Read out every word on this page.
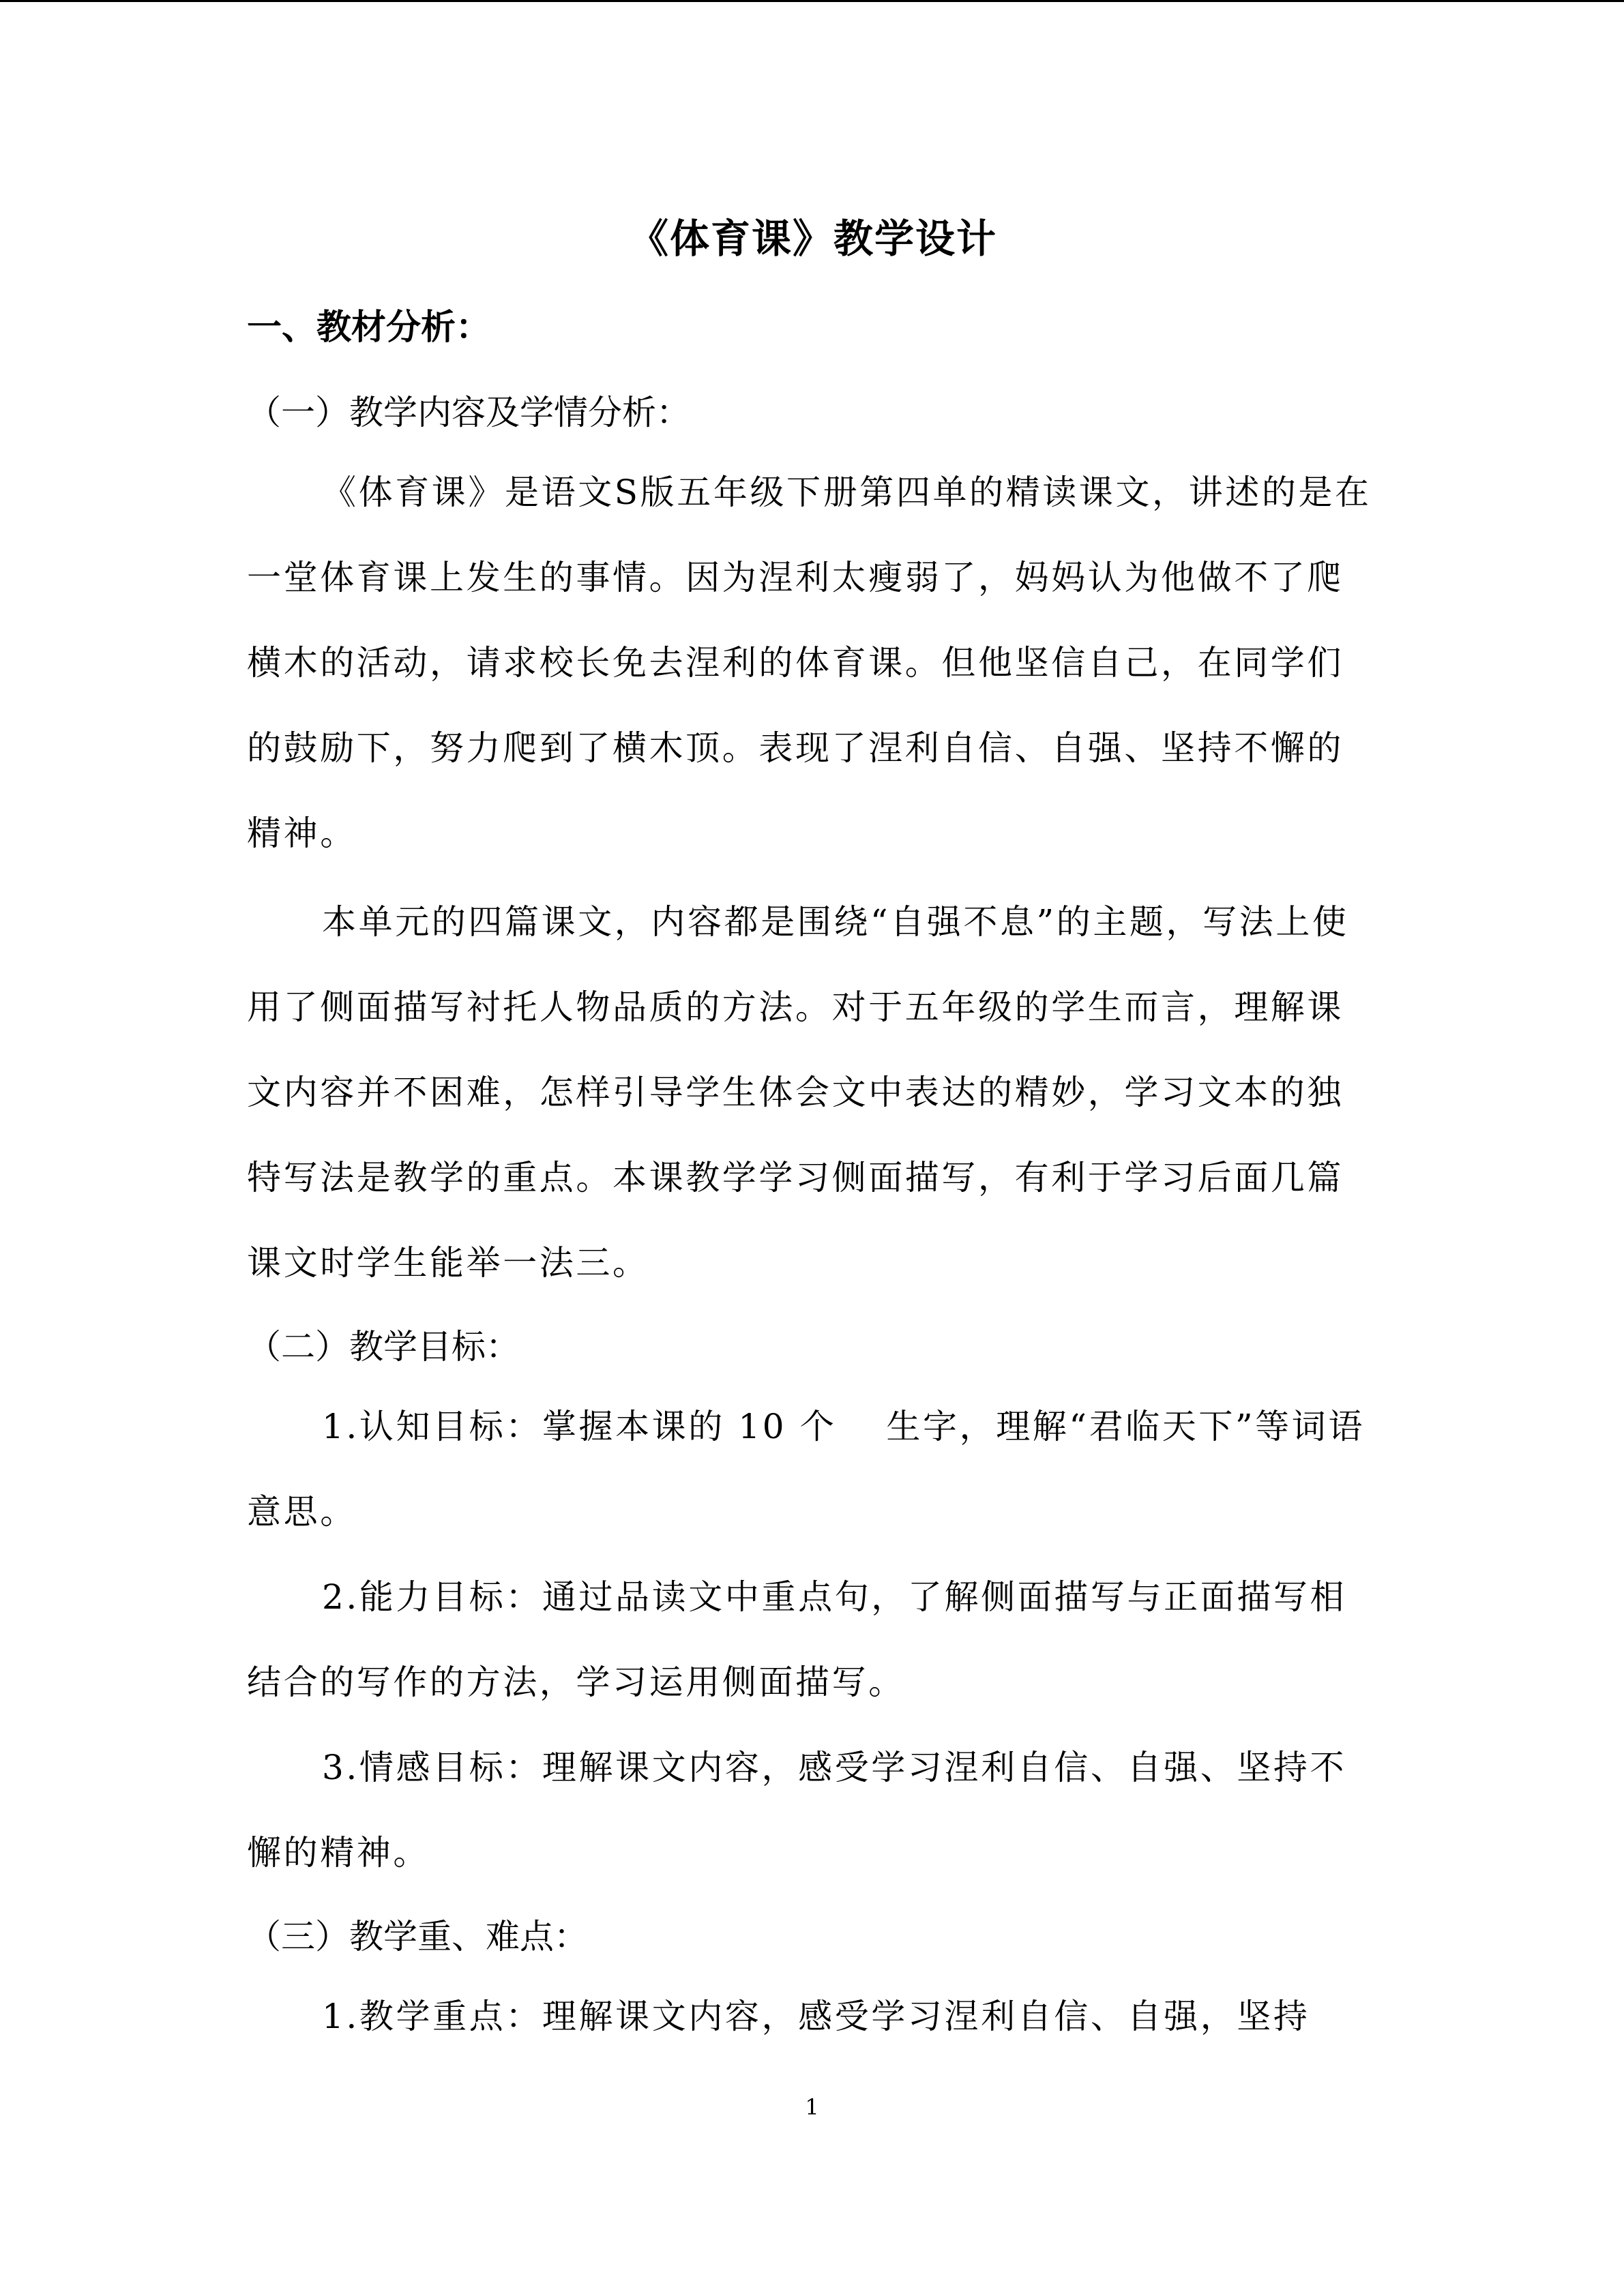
《体育课》教学设计
一、教材分析：
（一）教学内容及学情分析：
《体育课》是语文S版五年级下册第四单的精读课文，讲述的是在一堂体育课上发生的事情。因为涅利太瘦弱了，妈妈认为他做不了爬横木的活动，请求校长免去涅利的体育课。但他坚信自己，在同学们的鼓励下，努力爬到了横木顶。表现了涅利自信、自强、坚持不懈的精神。
本单元的四篇课文，内容都是围绕“自强不息”的主题，写法上使用了侧面描写衬托人物品质的方法。对于五年级的学生而言，理解课文内容并不困难，怎样引导学生体会文中表达的精妙，学习文本的独特写法是教学的重点。本课教学学习侧面描写，有利于学习后面几篇课文时学生能举一法三。
（二）教学目标：
1.认知目标：掌握本课的 10 个　 生字，理解“君临天下”等词语意思。
2.能力目标：通过品读文中重点句，了解侧面描写与正面描写相结合的写作的方法，学习运用侧面描写。
3.情感目标：理解课文内容，感受学习涅利自信、自强、坚持不懈的精神。
（三）教学重、难点：
1.教学重点：理解课文内容，感受学习涅利自信、自强，坚持
1
